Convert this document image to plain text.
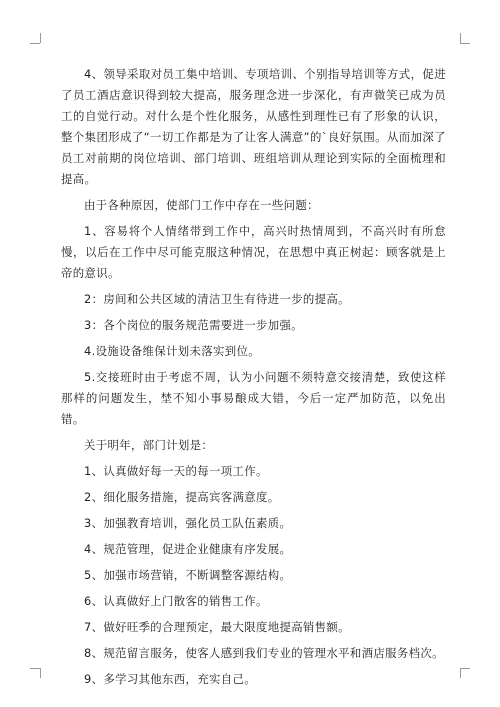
4、领导采取对员工集中培训、专项培训、个别指导培训等方式，促进了员工酒店意识得到较大提高，服务理念进一步深化，有声微笑已成为员工的自觉行动。对什么是个性化服务，从感性到理性已有了形象的认识，整个集团形成了“一切工作都是为了让客人满意”的`良好氛围。从而加深了员工对前期的岗位培训、部门培训、班组培训从理论到实际的全面梳理和提高。

由于各种原因，使部门工作中存在一些问题：

1、容易将个人情绪带到工作中，高兴时热情周到，不高兴时有所怠慢，以后在工作中尽可能克服这种情况，在思想中真正树起：顾客就是上帝的意识。

2：房间和公共区域的清洁卫生有待进一步的提高。

3：各个岗位的服务规范需要进一步加强。

4.设施设备维保计划未落实到位。

5.交接班时由于考虑不周，认为小问题不须特意交接清楚，致使这样那样的问题发生，埜不知小事易酿成大错，今后一定严加防范，以免出错。

关于明年，部门计划是：

1、认真做好每一天的每一项工作。

2、细化服务措施，提高宾客满意度。

3、加强教育培训，强化员工队伍素质。

4、规范管理，促进企业健康有序发展。

5、加强市场营销，不断调整客源结构。

6、认真做好上门散客的销售工作。

7、做好旺季的合理预定，最大限度地提高销售额。

8、规范留言服务，使客人感到我们专业的管理水平和酒店服务档次。

9、多学习其他东西，充实自己。
